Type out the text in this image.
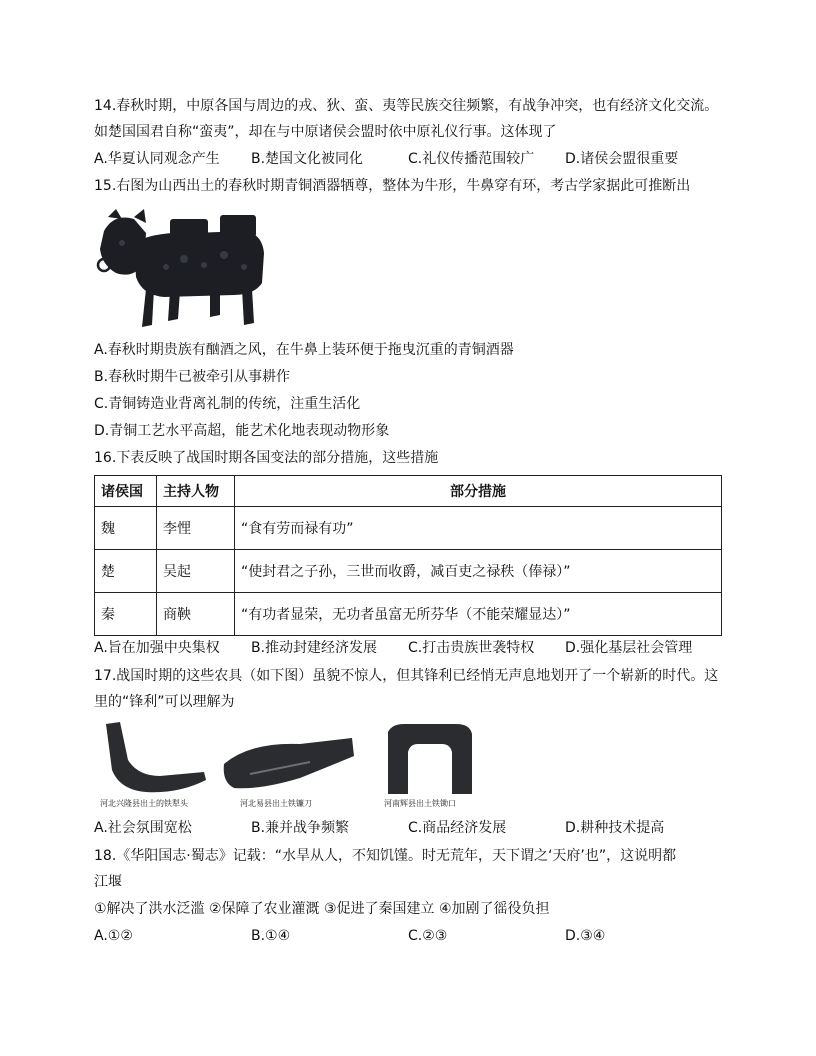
14.春秋时期，中原各国与周边的戎、狄、蛮、夷等民族交往频繁，有战争冲突，也有经济文化交流。
如楚国国君自称“蛮夷”，却在与中原诸侯会盟时依中原礼仪行事。这体现了
A.华夏认同观念产生 B.楚国文化被同化	C.礼仪传播范围较广 D.诸侯会盟很重要
15.右图为山西出土的春秋时期青铜酒器牺尊，整体为牛形，牛鼻穿有环，考古学家据此可推断出
A.春秋时期贵族有酗酒之风，在牛鼻上装环便于拖曳沉重的青铜酒器
B.春秋时期牛已被牵引从事耕作
C.青铜铸造业背离礼制的传统，注重生活化
D.青铜工艺水平高超，能艺术化地表现动物形象
16.下表反映了战国时期各国变法的部分措施，这些措施
诸侯国	主持人物	部分措施
魏	李悝	“食有劳而禄有功”
楚	吴起	“使封君之子孙，三世而收爵，减百吏之禄秩（俸禄）”
秦	商鞅	“有功者显荣，无功者虽富无所芬华（不能荣耀显达）”
A.旨在加强中央集权 B.推动封建经济发展 C.打击贵族世袭特权 D.强化基层社会管理
17.战国时期的这些农具（如下图）虽貌不惊人，但其锋利已经悄无声息地划开了一个崭新的时代。这
里的“锋利”可以理解为
河北兴隆县出土的铁犁头	河北易县出土铁镰刀	河南辉县出土铁锄口
A.社会氛围宽松	B.兼并战争频繁	C.商品经济发展	D.耕种技术提高
18.《华阳国志·蜀志》记载：“水旱从人，不知饥馑。时无荒年，天下谓之‘天府’也”，这说明都
江堰
①解决了洪水泛滥 ②保障了农业灌溉 ③促进了秦国建立 ④加剧了徭役负担
A.①②	B.①④	C.②③	D.③④
